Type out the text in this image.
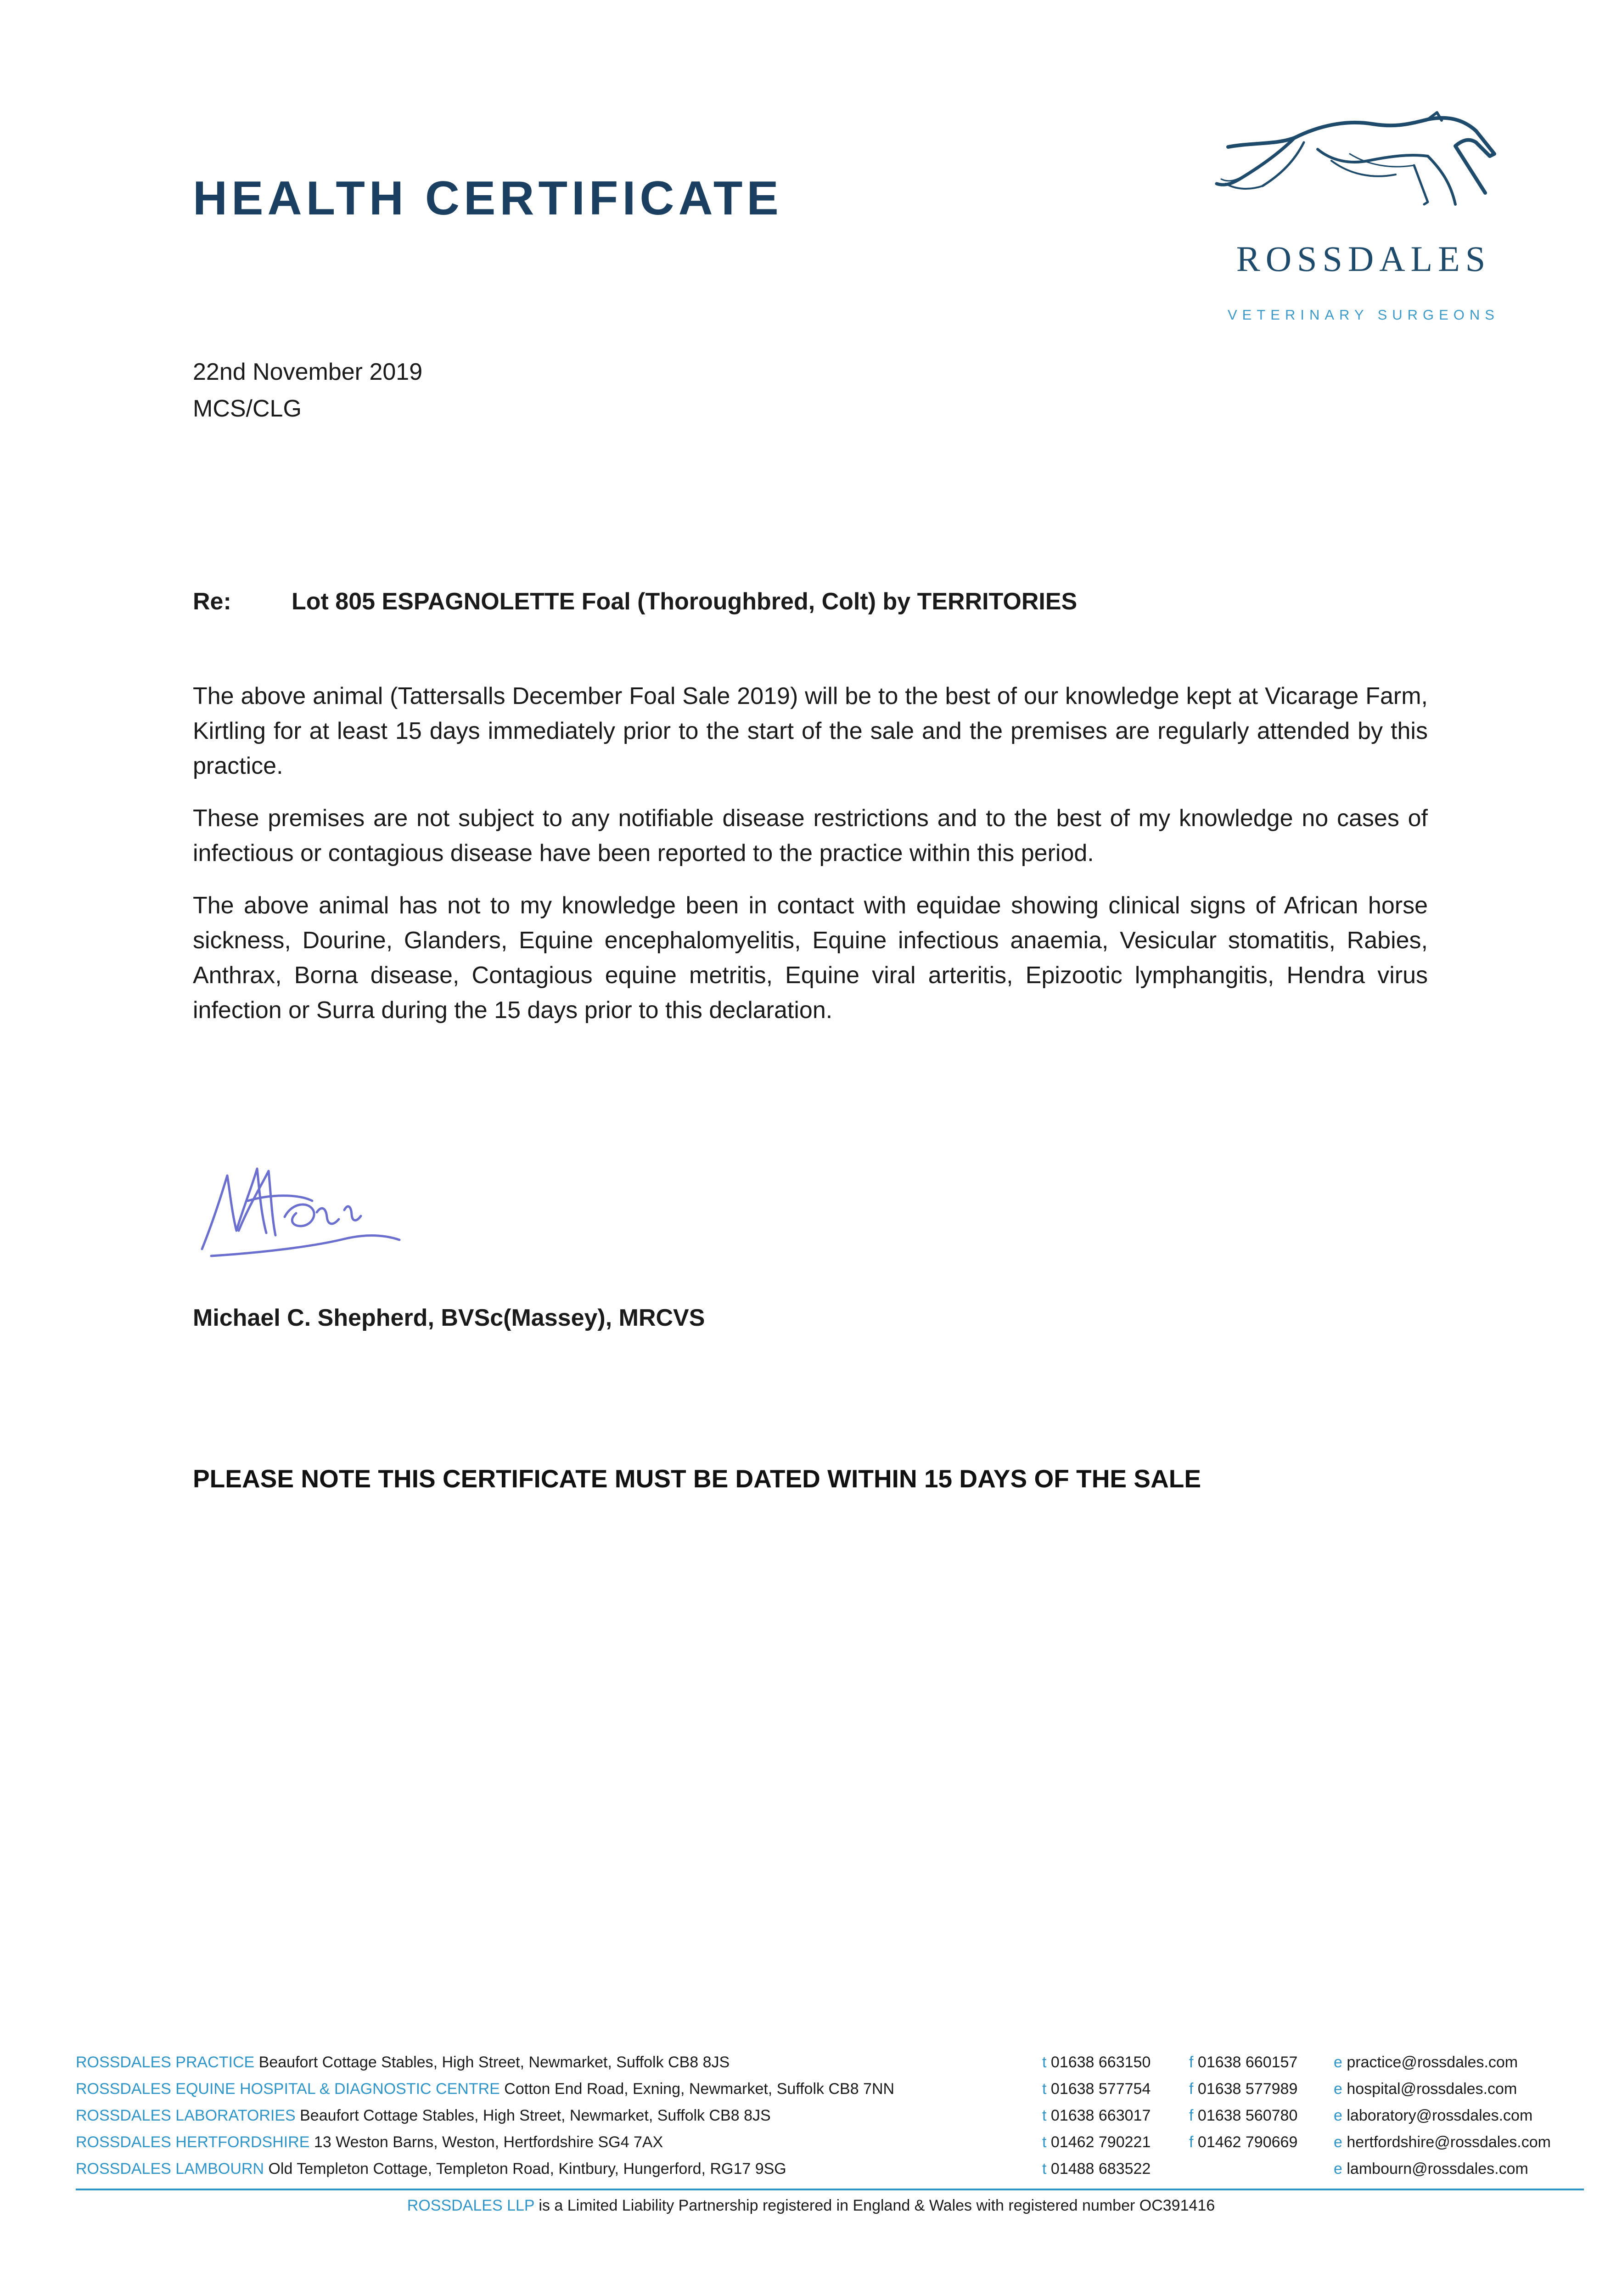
HEALTH CERTIFICATE
ROSSDALES
VETERINARY SURGEONS
22nd November 2019
MCS/CLG
Re:	Lot 805 ESPAGNOLETTE Foal (Thoroughbred, Colt) by TERRITORIES

The above animal (Tattersalls December Foal Sale 2019) will be to the best of our knowledge kept at Vicarage Farm, Kirtling for at least 15 days immediately prior to the start of the sale and the premises are regularly attended by this practice.

These premises are not subject to any notifiable disease restrictions and to the best of my knowledge no cases of infectious or contagious disease have been reported to the practice within this period.

The above animal has not to my knowledge been in contact with equidae showing clinical signs of African horse sickness, Dourine, Glanders, Equine encephalomyelitis, Equine infectious anaemia, Vesicular stomatitis, Rabies, Anthrax, Borna disease, Contagious equine metritis, Equine viral arteritis, Epizootic lymphangitis, Hendra virus infection or Surra during the 15 days prior to this declaration.

Michael C. Shepherd, BVSc(Massey), MRCVS
PLEASE NOTE THIS CERTIFICATE MUST BE DATED WITHIN 15 DAYS OF THE SALE
ROSSDALES PRACTICE Beaufort Cottage Stables, High Street, Newmarket, Suffolk CB8 8JS	t 01638 663150 f 01638 660157 e practice@rossdales.com
ROSSDALES EQUINE HOSPITAL & DIAGNOSTIC CENTRE Cotton End Road, Exning, Newmarket, Suffolk CB8 7NN	t 01638 577754 f 01638 577989 e hospital@rossdales.com
ROSSDALES LABORATORIES Beaufort Cottage Stables, High Street, Newmarket, Suffolk CB8 8JS	t 01638 663017 f 01638 560780 e laboratory@rossdales.com
ROSSDALES HERTFORDSHIRE 13 Weston Barns, Weston, Hertfordshire SG4 7AX	t 01462 790221 f 01462 790669 e hertfordshire@rossdales.com
ROSSDALES LAMBOURN Old Templeton Cottage, Templeton Road, Kintbury, Hungerford, RG17 9SG	t 01488 683522	e lambourn@rossdales.com
ROSSDALES LLP is a Limited Liability Partnership registered in England & Wales with registered number OC391416
